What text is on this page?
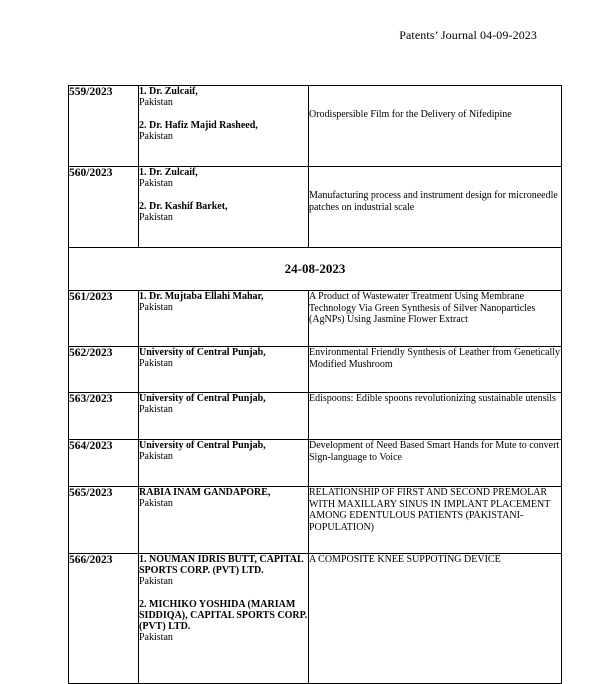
Patents’ Journal 04-09-2023
559/2023	1. Dr. Zulcaif,
Pakistan
2. Dr. Hafiz Majid Rasheed,
Pakistan	Orodispersible Film for the Delivery of Nifedipine
560/2023	1. Dr. Zulcaif,
Pakistan
2. Dr. Kashif Barket,
Pakistan	Manufacturing process and instrument design for microneedle patches on industrial scale
24-08-2023		
561/2023	1. Dr. Mujtaba Ellahi Mahar,
Pakistan	A Product of Wastewater Treatment Using Membrane Technology Via Green Synthesis of Silver Nanoparticles (AgNPs) Using Jasmine Flower Extract
562/2023	University of Central Punjab,
Pakistan	Environmental Friendly Synthesis of Leather from Genetically Modified Mushroom
563/2023	University of Central Punjab,
Pakistan	Edispoons: Edible spoons revolutionizing sustainable utensils
564/2023	University of Central Punjab,
Pakistan	Development of Need Based Smart Hands for Mute to convert Sign-language to Voice
565/2023	RABIA INAM GANDAPORE,
Pakistan	RELATIONSHIP OF FIRST AND SECOND PREMOLAR WITH MAXILLARY SINUS IN IMPLANT PLACEMENT AMONG EDENTULOUS PATIENTS (PAKISTANI-POPULATION)
566/2023	1. NOUMAN IDRIS BUTT, CAPITAL SPORTS CORP. (PVT) LTD.
Pakistan
2. MICHIKO YOSHIDA (MARIAM SIDDIQA), CAPITAL SPORTS CORP. (PVT) LTD.
Pakistan	A COMPOSITE KNEE SUPPOTING DEVICE
